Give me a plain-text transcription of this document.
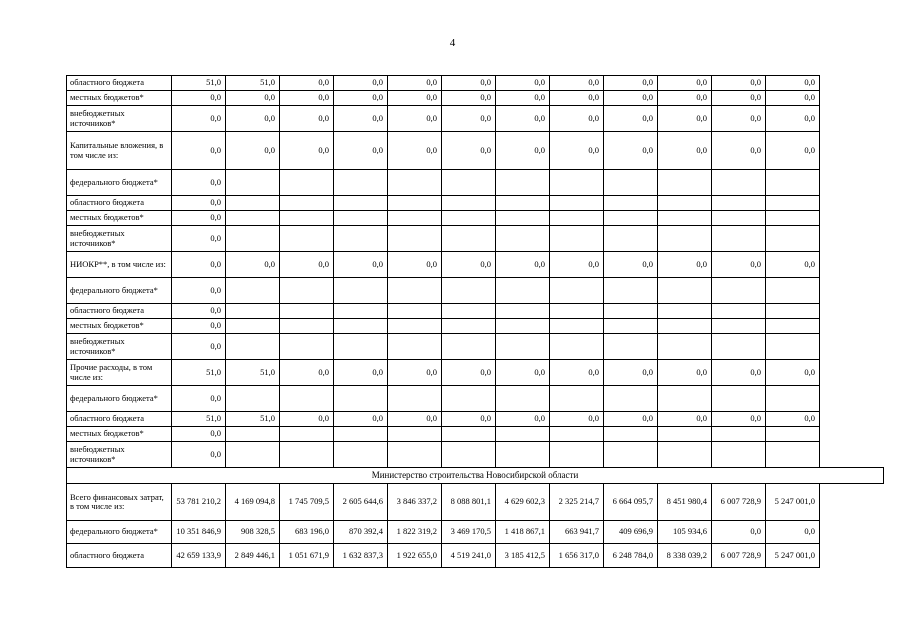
4
областного бюджета	51,0	51,0	0,0	0,0	0,0	0,0	0,0	0,0	0,0	0,0	0,0	0,0	
местных бюджетов*	0,0	0,0	0,0	0,0	0,0	0,0	0,0	0,0	0,0	0,0	0,0	0,0	
внебюджетных источников*	0,0	0,0	0,0	0,0	0,0	0,0	0,0	0,0	0,0	0,0	0,0	0,0	
Капитальные вложения, в том числе из:	0,0	0,0	0,0	0,0	0,0	0,0	0,0	0,0	0,0	0,0	0,0	0,0	
федерального бюджета*	0,0												
областного бюджета	0,0												
местных бюджетов*	0,0												
внебюджетных источников*	0,0												
НИОКР**, в том числе из:	0,0	0,0	0,0	0,0	0,0	0,0	0,0	0,0	0,0	0,0	0,0	0,0	
федерального бюджета*	0,0												
областного бюджета	0,0												
местных бюджетов*	0,0												
внебюджетных источников*	0,0												
Прочие расходы, в том числе из:	51,0	51,0	0,0	0,0	0,0	0,0	0,0	0,0	0,0	0,0	0,0	0,0	
федерального бюджета*	0,0												
областного бюджета	51,0	51,0	0,0	0,0	0,0	0,0	0,0	0,0	0,0	0,0	0,0	0,0	
местных бюджетов*	0,0												
внебюджетных источников*	0,0												
Министерство строительства Новосибирской области													
Всего финансовых затрат, в том числе из:	53 781 210,2	4 169 094,8	1 745 709,5	2 605 644,6	3 846 337,2	8 088 801,1	4 629 602,3	2 325 214,7	6 664 095,7	8 451 980,4	6 007 728,9	5 247 001,0	
федерального бюджета*	10 351 846,9	908 328,5	683 196,0	870 392,4	1 822 319,2	3 469 170,5	1 418 867,1	663 941,7	409 696,9	105 934,6	0,0	0,0	
областного бюджета	42 659 133,9	2 849 446,1	1 051 671,9	1 632 837,3	1 922 655,0	4 519 241,0	3 185 412,5	1 656 317,0	6 248 784,0	8 338 039,2	6 007 728,9	5 247 001,0	
